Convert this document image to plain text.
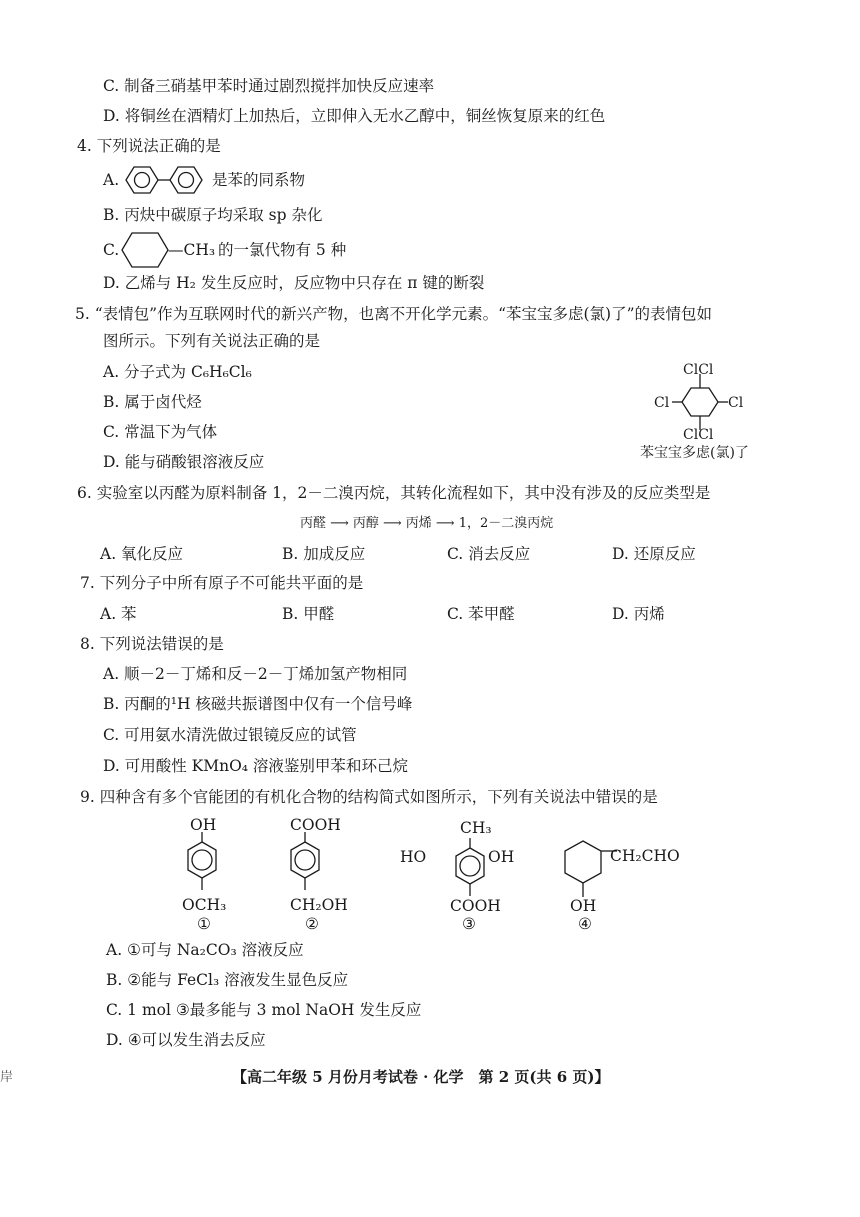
C. 制备三硝基甲苯时通过剧烈搅拌加快反应速率
D. 将铜丝在酒精灯上加热后，立即伸入无水乙醇中，铜丝恢复原来的红色
4. 下列说法正确的是
A.	是苯的同系物
B. 丙炔中碳原子均采取 sp 杂化
C.	—CH₃ 的一氯代物有 5 种
D. 乙烯与 H₂ 发生反应时，反应物中只存在 π 键的断裂
5. “表情包”作为互联网时代的新兴产物，也离不开化学元素。“苯宝宝多虑(氯)了”的表情包如
图所示。下列有关说法正确的是
A. 分子式为 C₆H₆Cl₆
B. 属于卤代烃
C. 常温下为气体
D. 能与硝酸银溶液反应
ClCl
ClCl
Cl	Cl
苯宝宝多虑(氯)了
6. 实验室以丙醛为原料制备 1，2－二溴丙烷，其转化流程如下，其中没有涉及的反应类型是
丙醛 ⟶ 丙醇 ⟶ 丙烯 ⟶ 1，2－二溴丙烷
A. 氧化反应	B. 加成反应	C. 消去反应	D. 还原反应
7. 下列分子中所有原子不可能共平面的是
A. 苯	B. 甲醛	C. 苯甲醛	D. 丙烯
8. 下列说法错误的是
A. 顺－2－丁烯和反－2－丁烯加氢产物相同
B. 丙酮的¹H 核磁共振谱图中仅有一个信号峰
C. 可用氨水清洗做过银镜反应的试管
D. 可用酸性 KMnO₄ 溶液鉴别甲苯和环己烷
9. 四种含有多个官能团的有机化合物的结构简式如图所示，下列有关说法中错误的是
OH
OCH₃
①
COOH
CH₂OH
②
CH₃
HO	OH
COOH
③
CH₂CHO
OH
④
A. ①可与 Na₂CO₃ 溶液反应
B. ②能与 FeCl₃ 溶液发生显色反应
C. 1 mol ③最多能与 3 mol NaOH 发生反应
D. ④可以发生消去反应
岸	【高二年级 5 月份月考试卷 · 化学　第 2 页(共 6 页)】
